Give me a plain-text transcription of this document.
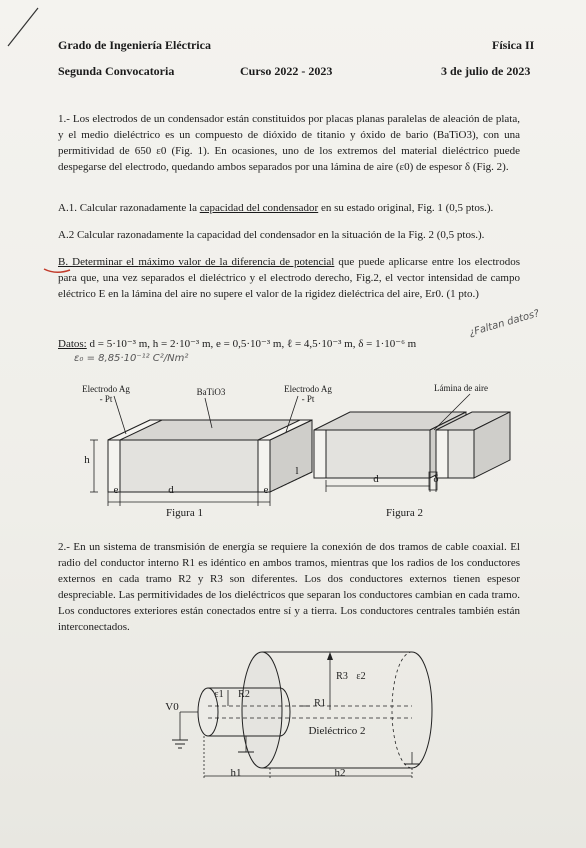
Grado de Ingeniería Eléctrica	Física II
Segunda Convocatoria	Curso 2022 - 2023	3 de julio de 2023
1.- Los electrodos de un condensador están constituidos por placas planas paralelas de aleación de plata, y el medio dieléctrico es un compuesto de dióxido de titanio y óxido de bario (BaTiO3), con una permitividad de 650 ε0 (Fig. 1). En ocasiones, uno de los extremos del material dieléctrico puede despegarse del electrodo, quedando ambos separados por una lámina de aire (ε0) de espesor δ (Fig. 2).
A.1. Calcular razonadamente la capacidad del condensador en su estado original, Fig. 1 (0,5 ptos.).
A.2 Calcular razonadamente la capacidad del condensador en la situación de la Fig. 2 (0,5 ptos.).
B. Determinar el máximo valor de la diferencia de potencial que puede aplicarse entre los electrodos para que, una vez separados el dieléctrico y el electrodo derecho, Fig.2, el vector intensidad de campo eléctrico E en la lámina del aire no supere el valor de la rigidez dieléctrica del aire, Er0. (1 pto.)
Datos: d = 5·10⁻³ m, h = 2·10⁻³ m, e = 0,5·10⁻³ m, ℓ = 4,5·10⁻³ m, δ = 1·10⁻⁶ m
ε₀ = 8,85·10⁻¹² C²/Nm²
¿Faltan datos?
Electrodo Ag - Pt
BaTiO3	Electrodo Ag - Pt
h
e	d	e
l
Figura 1
Lámina de aire
d	δ
Figura 2
2.- En un sistema de transmisión de energía se requiere la conexión de dos tramos de cable coaxial. El radio del conductor interno R1 es idéntico en ambos tramos, mientras que los radios de los conductores externos en cada tramo R2 y R3 son diferentes. Los dos conductores externos tienen espesor despreciable. Las permitividades de los dieléctricos que separan los conductores cambian en cada tramo. Los conductores exteriores están conectados entre sí y a tierra. Los conductores centrales también están interconectados.
V0
ε1 R2
R3 ε2
R1
Dieléctrico 2
h1	h2
